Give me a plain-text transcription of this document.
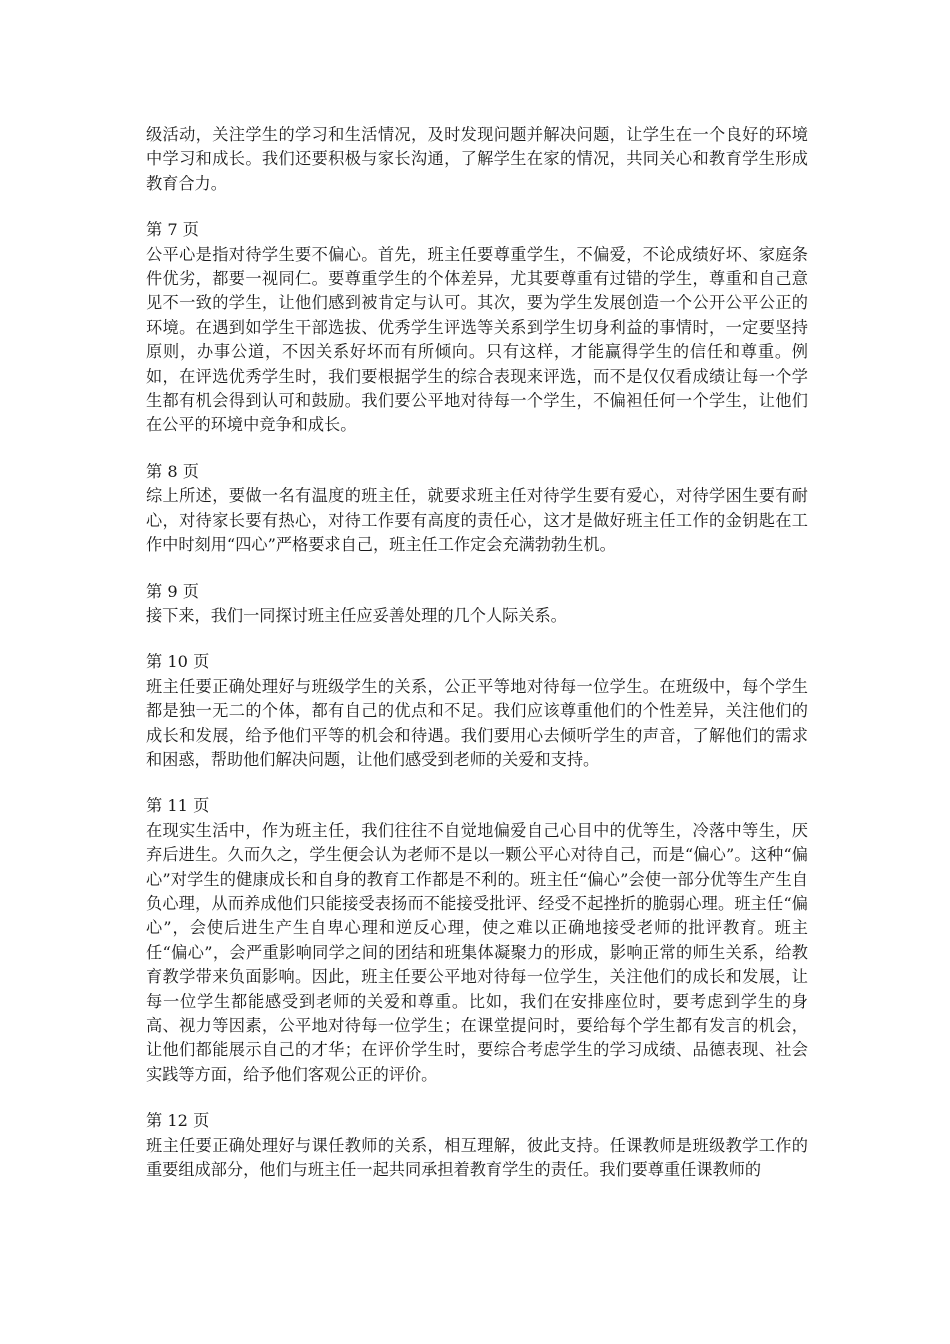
级活动，关注学生的学习和生活情况，及时发现问题并解决问题，让学生在一个良好的环境中学习和成长。我们还要积极与家长沟通，了解学生在家的情况，共同关心和教育学生形成教育合力。

第 7 页

公平心是指对待学生要不偏心。首先，班主任要尊重学生，不偏爱，不论成绩好坏、家庭条件优劣，都要一视同仁。要尊重学生的个体差异，尤其要尊重有过错的学生，尊重和自己意见不一致的学生，让他们感到被肯定与认可。其次，要为学生发展创造一个公开公平公正的环境。在遇到如学生干部选拔、优秀学生评选等关系到学生切身利益的事情时，一定要坚持原则，办事公道，不因关系好坏而有所倾向。只有这样，才能赢得学生的信任和尊重。例如，在评选优秀学生时，我们要根据学生的综合表现来评选，而不是仅仅看成绩让每一个学生都有机会得到认可和鼓励。我们要公平地对待每一个学生，不偏袒任何一个学生，让他们在公平的环境中竞争和成长。

第 8 页

综上所述，要做一名有温度的班主任，就要求班主任对待学生要有爱心，对待学困生要有耐心，对待家长要有热心，对待工作要有高度的责任心，这才是做好班主任工作的金钥匙在工作中时刻用“四心”严格要求自己，班主任工作定会充满勃勃生机。

第 9 页

接下来，我们一同探讨班主任应妥善处理的几个人际关系。

第 10 页

班主任要正确处理好与班级学生的关系，公正平等地对待每一位学生。在班级中，每个学生都是独一无二的个体，都有自己的优点和不足。我们应该尊重他们的个性差异，关注他们的成长和发展，给予他们平等的机会和待遇。我们要用心去倾听学生的声音，了解他们的需求和困惑，帮助他们解决问题，让他们感受到老师的关爱和支持。

第 11 页

在现实生活中，作为班主任，我们往往不自觉地偏爱自己心目中的优等生，冷落中等生，厌弃后进生。久而久之，学生便会认为老师不是以一颗公平心对待自己，而是“偏心”。这种“偏心”对学生的健康成长和自身的教育工作都是不利的。班主任“偏心”会使一部分优等生产生自负心理，从而养成他们只能接受表扬而不能接受批评、经受不起挫折的脆弱心理。班主任“偏心”，会使后进生产生自卑心理和逆反心理，使之难以正确地接受老师的批评教育。班主任“偏心”，会严重影响同学之间的团结和班集体凝聚力的形成，影响正常的师生关系，给教育教学带来负面影响。因此，班主任要公平地对待每一位学生，关注他们的成长和发展，让每一位学生都能感受到老师的关爱和尊重。比如，我们在安排座位时，要考虑到学生的身高、视力等因素，公平地对待每一位学生；在课堂提问时，要给每个学生都有发言的机会，让他们都能展示自己的才华；在评价学生时，要综合考虑学生的学习成绩、品德表现、社会实践等方面，给予他们客观公正的评价。

第 12 页

班主任要正确处理好与课任教师的关系，相互理解，彼此支持。任课教师是班级教学工作的重要组成部分，他们与班主任一起共同承担着教育学生的责任。我们要尊重任课教师的
